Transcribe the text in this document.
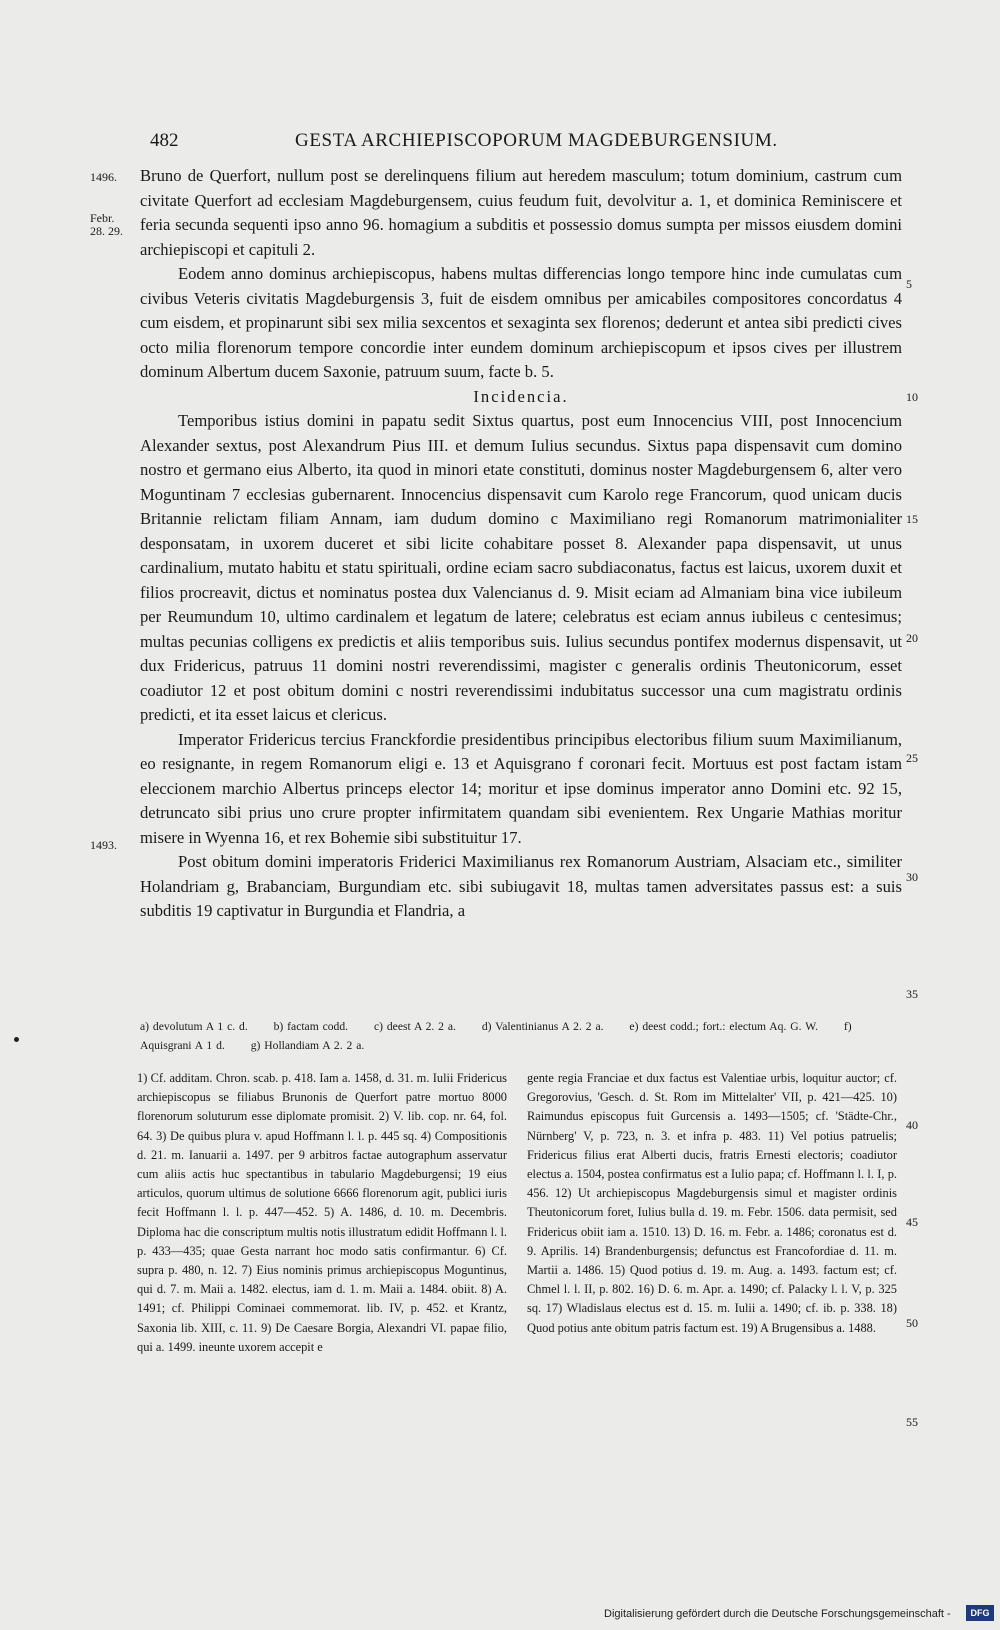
482	GESTA ARCHIEPISCOPORUM MAGDEBURGENSIUM.
1496.
Febr.
28. 29.
1493.
5
10
15
20
25
30
35
40
45
50
55

Bruno de Querfort, nullum post se derelinquens filium aut heredem masculum; totum dominium, castrum cum civitate Querfort ad ecclesiam Magdeburgensem, cuius feudum fuit, devolvitur a. 1, et dominica Reminiscere et feria secunda sequenti ipso anno 96. homagium a subditis et possessio domus sumpta per missos eiusdem domini archiepiscopi et capituli 2.

Eodem anno dominus archiepiscopus, habens multas differencias longo tempore hinc inde cumulatas cum civibus Veteris civitatis Magdeburgensis 3, fuit de eisdem omnibus per amicabiles compositores concordatus 4 cum eisdem, et propinarunt sibi sex milia sexcentos et sexaginta sex florenos; dederunt et antea sibi predicti cives octo milia florenorum tempore concordie inter eundem dominum archiepiscopum et ipsos cives per illustrem dominum Albertum ducem Saxonie, patruum suum, facte b. 5.

Incidencia.

Temporibus istius domini in papatu sedit Sixtus quartus, post eum Innocencius VIII, post Innocencium Alexander sextus, post Alexandrum Pius III. et demum Iulius secundus. Sixtus papa dispensavit cum domino nostro et germano eius Alberto, ita quod in minori etate constituti, dominus noster Magdeburgensem 6, alter vero Moguntinam 7 ecclesias gubernarent. Innocencius dispensavit cum Karolo rege Francorum, quod unicam ducis Britannie relictam filiam Annam, iam dudum domino c Maximiliano regi Romanorum matrimonialiter desponsatam, in uxorem duceret et sibi licite cohabitare posset 8. Alexander papa dispensavit, ut unus cardinalium, mutato habitu et statu spirituali, ordine eciam sacro subdiaconatus, factus est laicus, uxorem duxit et filios procreavit, dictus et nominatus postea dux Valencianus d. 9. Misit eciam ad Almaniam bina vice iubileum per Reumundum 10, ultimo cardinalem et legatum de latere; celebratus est eciam annus iubileus c centesimus; multas pecunias colligens ex predictis et aliis temporibus suis. Iulius secundus pontifex modernus dispensavit, ut dux Fridericus, patruus 11 domini nostri reverendissimi, magister c generalis ordinis Theutonicorum, esset coadiutor 12 et post obitum domini c nostri reverendissimi indubitatus successor una cum magistratu ordinis predicti, et ita esset laicus et clericus.

Imperator Fridericus tercius Franckfordie presidentibus principibus electoribus filium suum Maximilianum, eo resignante, in regem Romanorum eligi e. 13 et Aquisgrano f coronari fecit. Mortuus est post factam istam eleccionem marchio Albertus princeps elector 14; moritur et ipse dominus imperator anno Domini etc. 92 15, detruncato sibi prius uno crure propter infirmitatem quandam sibi evenientem. Rex Ungarie Mathias moritur misere in Wyenna 16, et rex Bohemie sibi substituitur 17.

Post obitum domini imperatoris Friderici Maximilianus rex Romanorum Austriam, Alsaciam etc., similiter Holandriam g, Brabanciam, Burgundiam etc. sibi subiugavit 18, multas tamen adversitates passus est: a suis subditis 19 captivatur in Burgundia et Flandria, a

a) devolutum A 1 c. d. b) factam codd. c) deest A 2. 2 a. d) Valentinianus A 2. 2 a. e) deest codd.; fort.: electum Aq. G. W. f) Aquisgrani A 1 d. g) Hollandiam A 2. 2 a.

1) Cf. additam. Chron. scab. p. 418. Iam a. 1458, d. 31. m. Iulii Fridericus archiepiscopus se filiabus Brunonis de Querfort patre mortuo 8000 florenorum soluturum esse diplomate promisit. 2) V. lib. cop. nr. 64, fol. 64. 3) De quibus plura v. apud Hoffmann l. l. p. 445 sq. 4) Compositionis d. 21. m. Ianuarii a. 1497. per 9 arbitros factae autographum asservatur cum aliis actis huc spectantibus in tabulario Magdeburgensi; 19 eius articulos, quorum ultimus de solutione 6666 florenorum agit, publici iuris fecit Hoffmann l. l. p. 447—452. 5) A. 1486, d. 10. m. Decembris. Diploma hac die conscriptum multis notis illustratum edidit Hoffmann l. l. p. 433—435; quae Gesta narrant hoc modo satis confirmantur. 6) Cf. supra p. 480, n. 12. 7) Eius nominis primus archiepiscopus Moguntinus, qui d. 7. m. Maii a. 1482. electus, iam d. 1. m. Maii a. 1484. obiit. 8) A. 1491; cf. Philippi Cominaei commemorat. lib. IV, p. 452. et Krantz, Saxonia lib. XIII, c. 11. 9) De Caesare Borgia, Alexandri VI. papae filio, qui a. 1499. ineunte uxorem accepit e

gente regia Franciae et dux factus est Valentiae urbis, loquitur auctor; cf. Gregorovius, 'Gesch. d. St. Rom im Mittelalter' VII, p. 421—425. 10) Raimundus episcopus fuit Gurcensis a. 1493—1505; cf. 'Städte-Chr., Nürnberg' V, p. 723, n. 3. et infra p. 483. 11) Vel potius patruelis; Fridericus filius erat Alberti ducis, fratris Ernesti electoris; coadiutor electus a. 1504, postea confirmatus est a Iulio papa; cf. Hoffmann l. l. I, p. 456. 12) Ut archiepiscopus Magdeburgensis simul et magister ordinis Theutonicorum foret, Iulius bulla d. 19. m. Febr. 1506. data permisit, sed Fridericus obiit iam a. 1510. 13) D. 16. m. Febr. a. 1486; coronatus est d. 9. Aprilis. 14) Brandenburgensis; defunctus est Francofordiae d. 11. m. Martii a. 1486. 15) Quod potius d. 19. m. Aug. a. 1493. factum est; cf. Chmel l. l. II, p. 802. 16) D. 6. m. Apr. a. 1490; cf. Palacky l. l. V, p. 325 sq. 17) Wladislaus electus est d. 15. m. Iulii a. 1490; cf. ib. p. 338. 18) Quod potius ante obitum patris factum est. 19) A Brugensibus a. 1488.

Digitalisierung gefördert durch die Deutsche Forschungsgemeinschaft -	DFG
